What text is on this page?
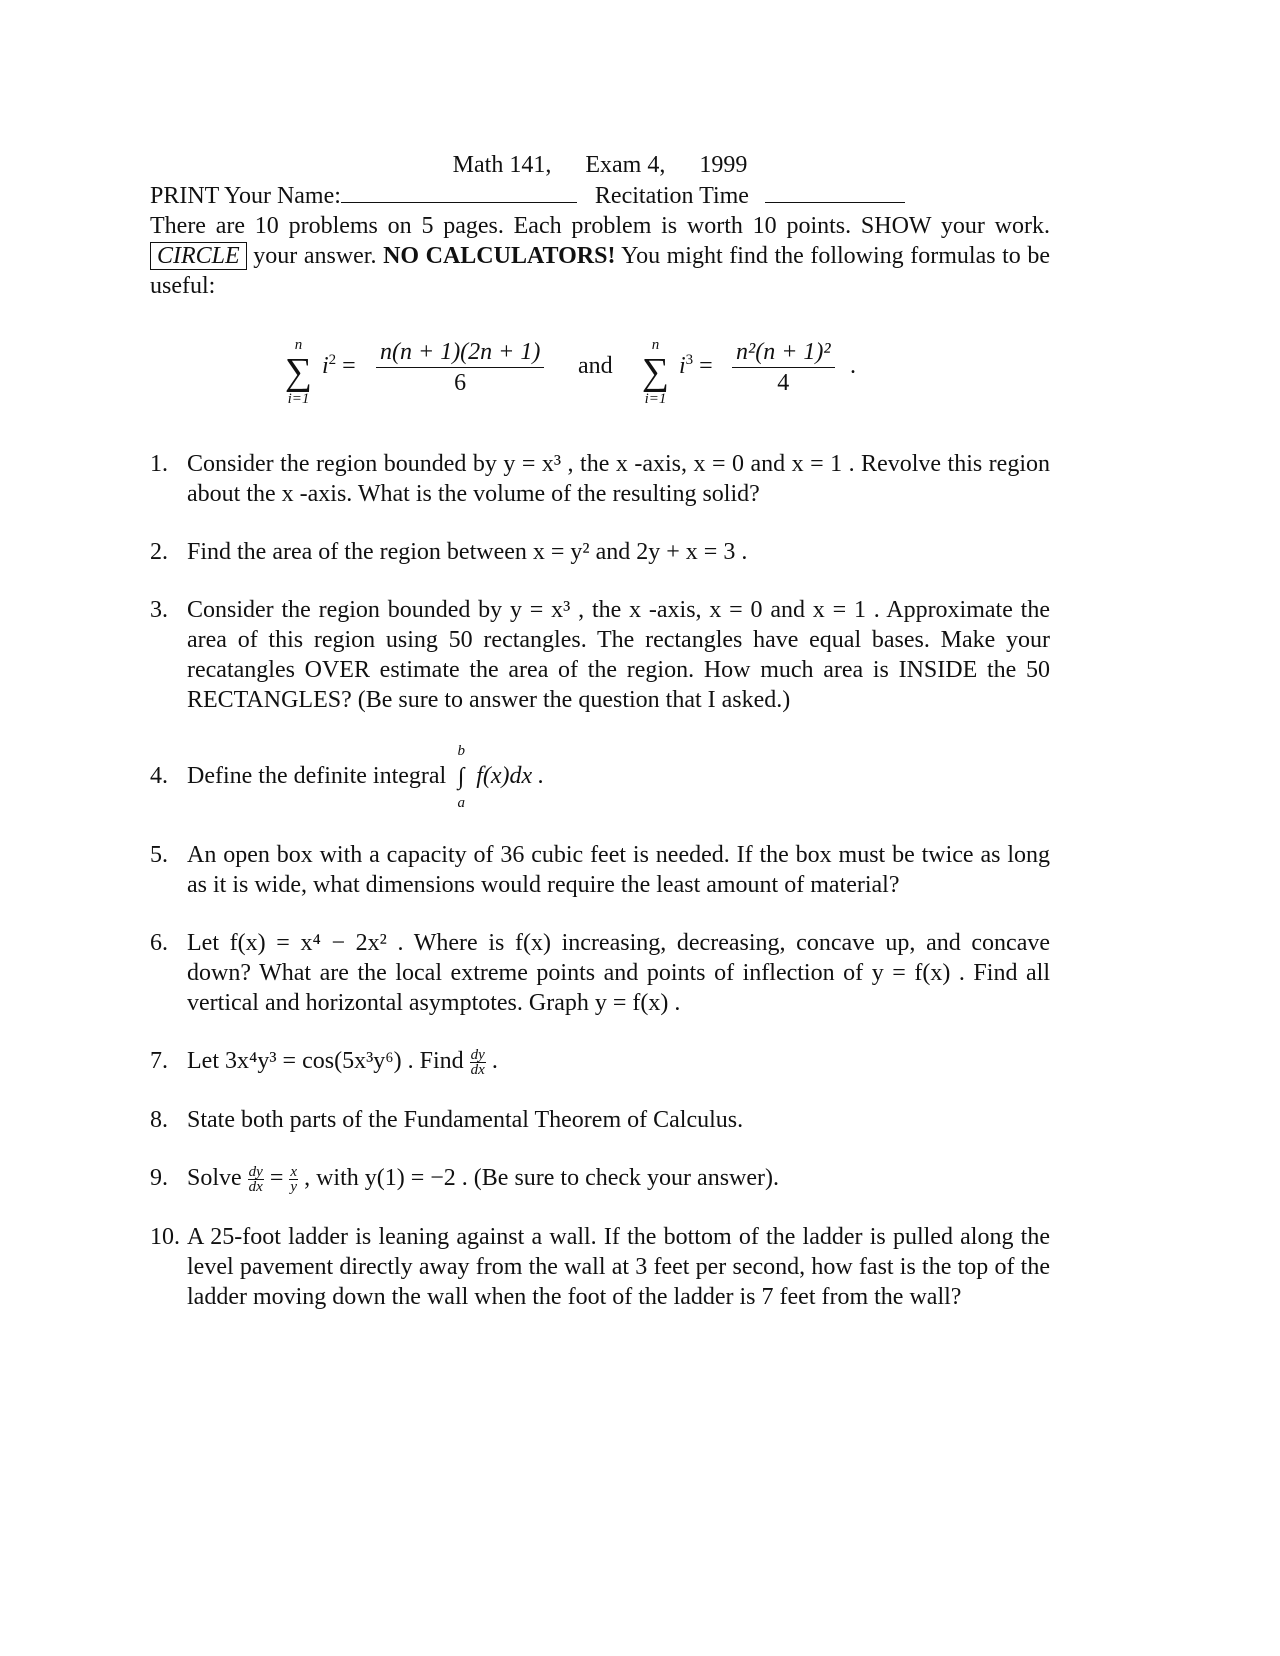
Math 141, Exam 4, 1999
PRINT Your Name:	Recitation Time
There are 10 problems on 5 pages. Each problem is worth 10 points. SHOW your work. CIRCLE your answer. NO CALCULATORS! You might find the following formulas to be useful:
n
∑
i=1
$i^2 = \frac{n(n + 1)(2n + 1)}{6}$ and
n
∑
i=1
$i^3 = \frac{\text{n²(n + 1)²}}{4}$ .
1. Consider the region bounded by y = x³ , the x -axis, x = 0 and x = 1 . Revolve this region about the x -axis. What is the volume of the resulting solid?
2. Find the area of the region between x = y² and 2y + x = 3 .
3. Consider the region bounded by y = x³ , the x -axis, x = 0 and x = 1 . Approximate the area of this region using 50 rectangles. The rectangles have equal bases. Make your recatangles OVER estimate the area of the region. How much area is INSIDE the 50 RECTANGLES? (Be sure to answer the question that I asked.)
4. Define the definite integral
b
∫
a
f(x)dx .
5. An open box with a capacity of 36 cubic feet is needed. If the box must be twice as long as it is wide, what dimensions would require the least amount of material?
6. Let f(x) = x⁴ − 2x² . Where is f(x) increasing, decreasing, concave up, and concave down? What are the local extreme points and points of inflection of y = f(x) . Find all vertical and horizontal asymptotes. Graph y = f(x) .
7. Let 3x⁴y³ = cos(5x³y⁶) . Find $\frac{dy}{dx}$ .
8. State both parts of the Fundamental Theorem of Calculus.
9. Solve $\frac{dy}{dx} = \frac{x}{y}$ , with y(1) = −2 . (Be sure to check your answer).
10. A 25-foot ladder is leaning against a wall. If the bottom of the ladder is pulled along the level pavement directly away from the wall at 3 feet per second, how fast is the top of the ladder moving down the wall when the foot of the ladder is 7 feet from the wall?
